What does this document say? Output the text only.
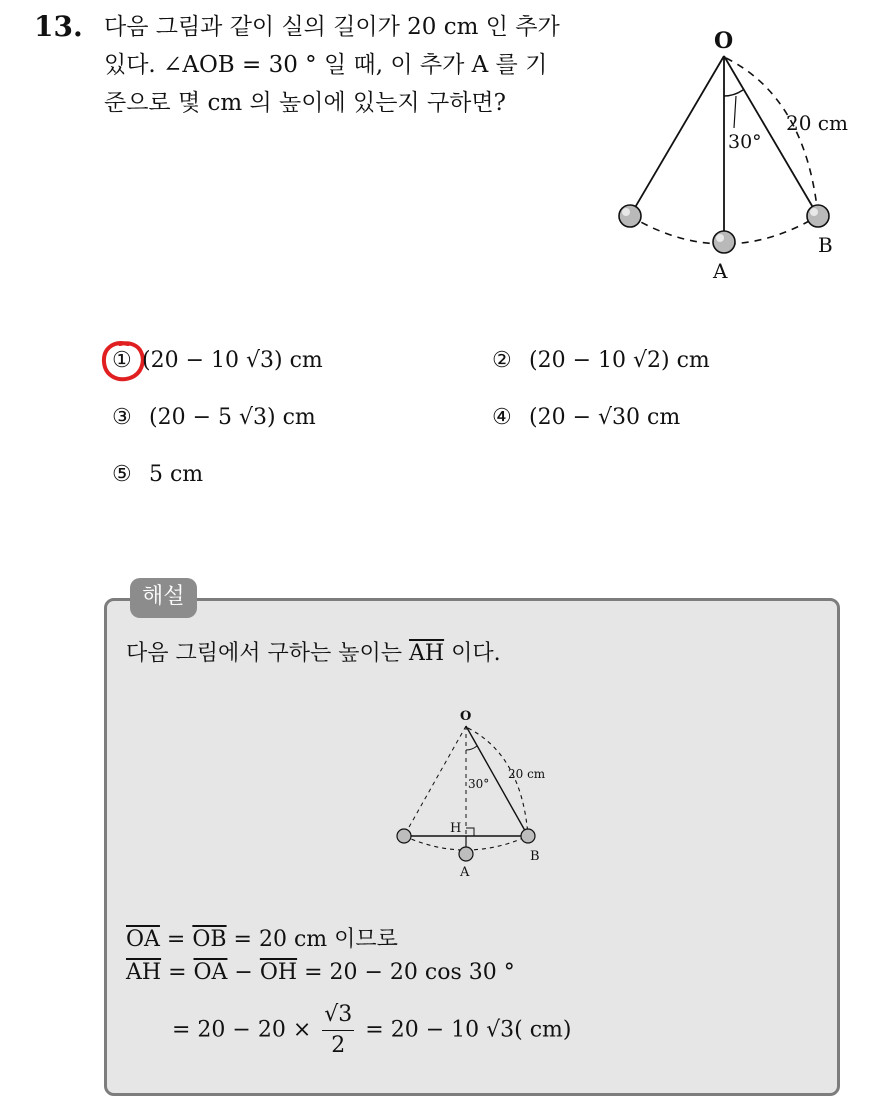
13. 다음 그림과 같이 실의 길이가 20 cm 인 추가
있다. ∠AOB = 30 ° 일 때, 이 추가 A 를 기
준으로 몇 cm 의 높이에 있는지 구하면?
O
A
B
30°
20 cm
① (20 − 10 √3) cm	② (20 − 10 √2) cm
③ (20 − 5 √3) cm	④ (20 − √30 cm
⑤ 5 cm
해설
다음 그림에서 구하는 높이는 $\overline{AH}$ 이다.
O
A
B
H
30°
20 cm
$\overline{OA} = \overline{OB} = 20$ cm 이므로
$\overline{AH} = \overline{OA} - \overline{OH} = 20 - 20$ cos 30 °
= $20 - 20 \times \frac{√3}{2} = 20 - 10$ √3( cm)
